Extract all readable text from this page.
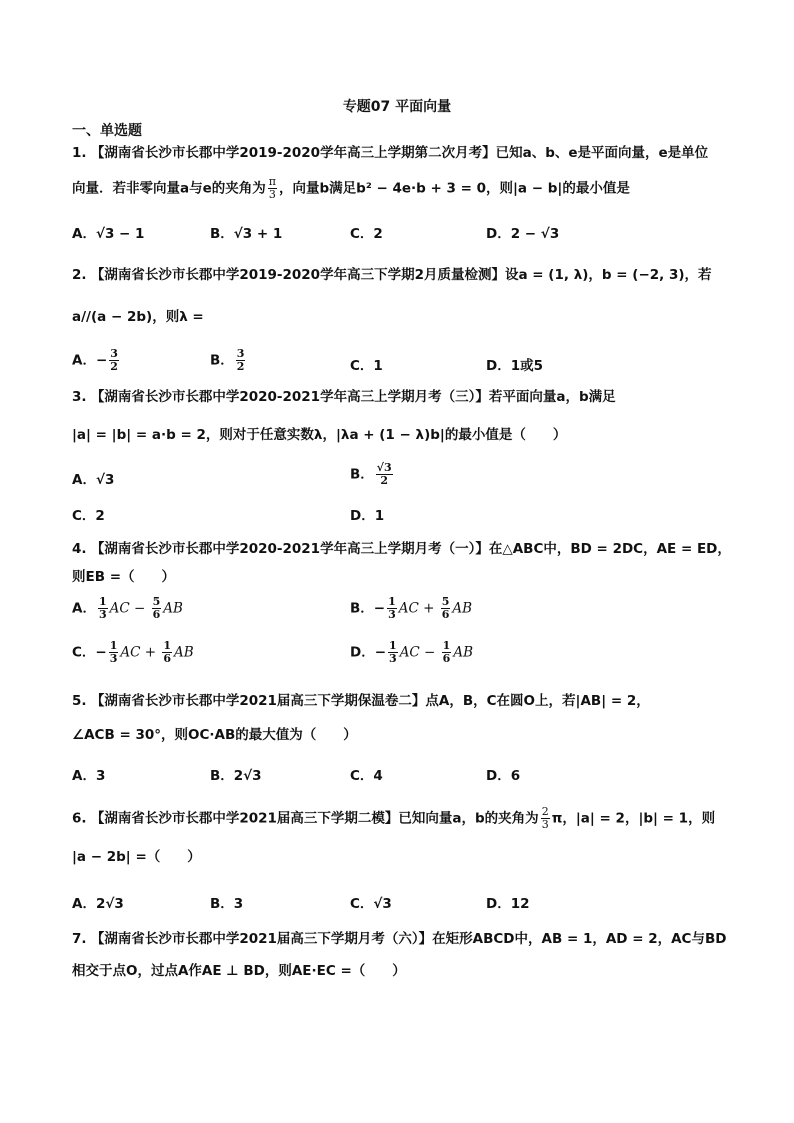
专题07 平面向量
一、单选题
1. 【湖南省长沙市长郡中学2019-2020学年高三上学期第二次月考】已知a、b、e是平面向量，e是单位
向量．若非零向量a与e的夹角为 $\frac{\pi}{3}$ ，向量b满足b² − 4e·b + 3 = 0，则|a − b|的最小值是
A．√3 − 1	B．√3 + 1	C．2	D．2 − √3
2. 【湖南省长沙市长郡中学2019-2020学年高三下学期2月质量检测】设a = (1, λ)，b = (−2, 3)，若
a//(a − 2b)，则λ =
A．− $\frac{3}{2}$	B． $\frac{3}{2}$	C．1	D．1或5
3. 【湖南省长沙市长郡中学2020-2021学年高三上学期月考（三）】若平面向量a，b满足
|a| = |b| = a·b = 2，则对于任意实数λ，|λa + (1 − λ)b|的最小值是（　　）
A．√3	B． $\frac{√3}{2}$
C．2	D．1
4. 【湖南省长沙市长郡中学2020-2021学年高三上学期月考（一）】在△ABC中，BD = 2DC，AE = ED，
则EB =（　　）
A． $\frac{1}{3}$ AC − $\frac{5}{6}$ AB	B．− $\frac{1}{3}$ AC + $\frac{5}{6}$ AB
C．− $\frac{1}{3}$ AC + $\frac{1}{6}$ AB	D．− $\frac{1}{3}$ AC − $\frac{1}{6}$ AB
5. 【湖南省长沙市长郡中学2021届高三下学期保温卷二】点A，B，C在圆O上，若|AB| = 2，
∠ACB = 30°，则OC·AB的最大值为（　　）
A．3	B．2√3	C．4	D．6
6. 【湖南省长沙市长郡中学2021届高三下学期二模】已知向量a，b的夹角为 $\frac{2}{3}$ π，|a| = 2，|b| = 1，则
|a − 2b| =（　　）
A．2√3	B．3	C．√3	D．12
7. 【湖南省长沙市长郡中学2021届高三下学期月考（六）】在矩形ABCD中，AB = 1，AD = 2，AC与BD
相交于点O，过点A作AE ⊥ BD，则AE·EC =（　　）
